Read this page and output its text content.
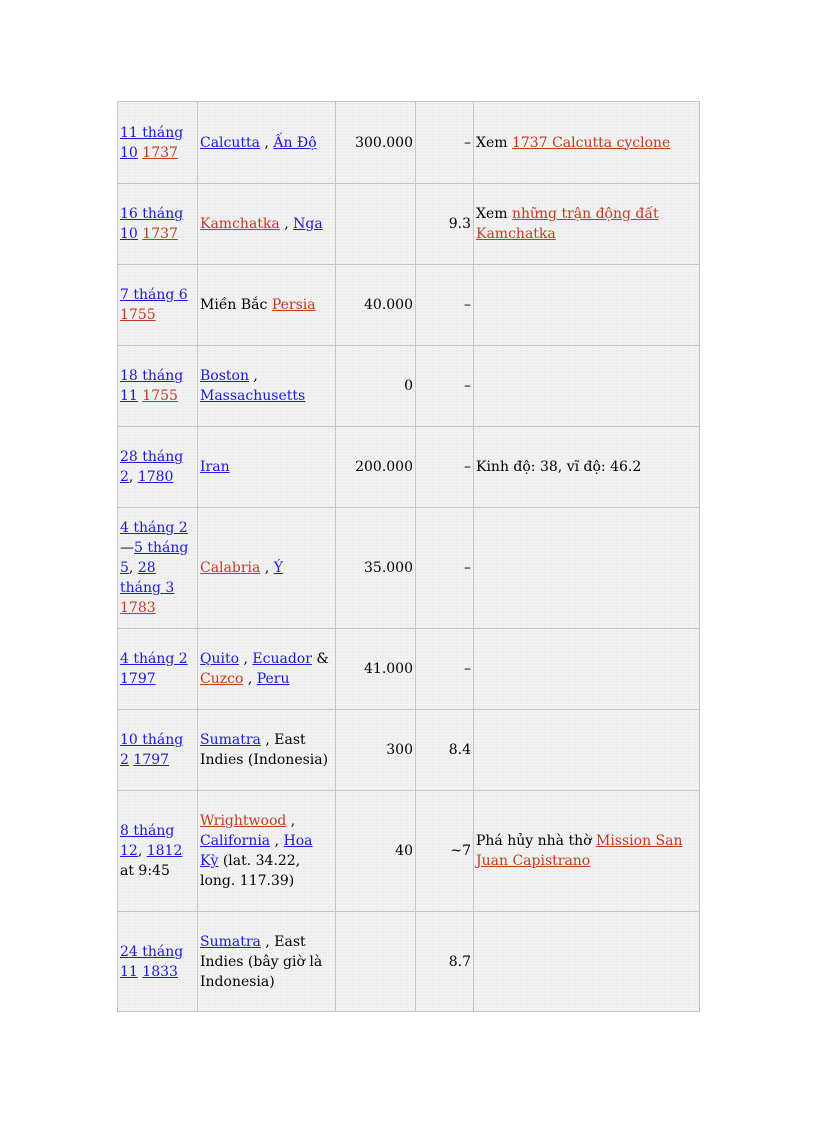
11 tháng 10 1737	Calcutta , Ấn Độ	300.000	–	Xem 1737 Calcutta cyclone
16 tháng 10 1737	Kamchatka , Nga		9.3	Xem những trận động đất Kamchatka
7 tháng 6 1755	Miền Bắc Persia	40.000	–	
18 tháng 11 1755	Boston , Massachusetts	0	–	
28 tháng 2, 1780	Iran	200.000	–	Kinh độ: 38, vĩ độ: 46.2
4 tháng 2—5 tháng 5, 28 tháng 3 1783	Calabria , Ý	35.000	–	
4 tháng 2 1797	Quito , Ecuador & Cuzco , Peru	41.000	–	
10 tháng 2 1797	Sumatra , East Indies (Indonesia)	300	8.4	
8 tháng 12, 1812 at 9:45	Wrightwood , California , Hoa Kỳ (lat. 34.22, long. 117.39)	40	~7	Phá hủy nhà thờ Mission San Juan Capistrano
24 tháng 11 1833	Sumatra , East Indies (bây giờ là Indonesia)		8.7	
